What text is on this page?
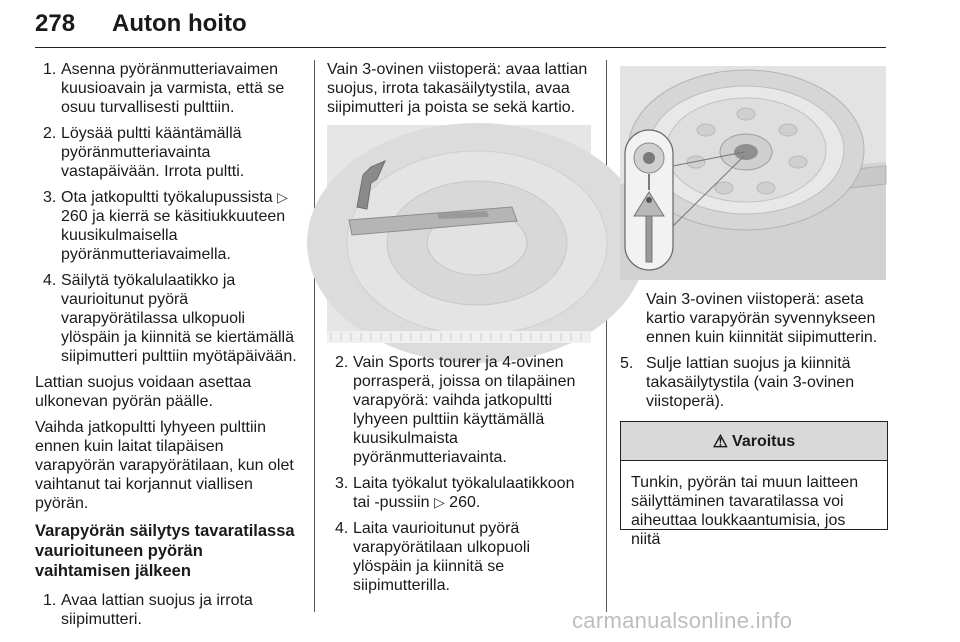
278 Auton hoito
1. Asenna pyöränmutteriavaimen kuusioavain ja varmista, että se osuu turvallisesti pulttiin.
2. Löysää pultti kääntämällä pyöränmutteriavainta vastapäivään. Irrota pultti.
3. Ota jatkopultti työkalupussista ▷ 260 ja kierrä se käsitiukkuuteen kuusikulmaisella pyöränmutteriavaimella.
4. Säilytä työkalulaatikko ja vaurioitunut pyörä varapyörätilassa ulkopuoli ylöspäin ja kiinnitä se kiertämällä siipimutteri pulttiin myötäpäivään.

Lattian suojus voidaan asettaa ulkonevan pyörän päälle.

Vaihda jatkopultti lyhyeen pulttiin ennen kuin laitat tilapäisen varapyörän varapyörätilaan, kun olet vaihtanut tai korjannut viallisen pyörän.

Varapyörän säilytys tavaratilassa vaurioituneen pyörän vaihtamisen jälkeen
1. Avaa lattian suojus ja irrota siipimutteri.

Vain 3-ovinen viistoperä: avaa lattian suojus, irrota takasäilytystila, avaa siipimutteri ja poista se sekä kartio.

2. Vain Sports tourer ja 4-ovinen porrasperä, joissa on tilapäinen varapyörä: vaihda jatkopultti lyhyeen pulttiin käyttämällä kuusikulmaista pyöränmutteriavainta.
3. Laita työkalut työkalulaatikkoon tai -pussiin ▷ 260.
4. Laita vaurioitunut pyörä varapyörätilaan ulkopuoli ylöspäin ja kiinnitä se siipimutterilla.
Vain 3-ovinen viistoperä: aseta kartio varapyörän syvennykseen ennen kuin kiinnität siipimutterin.
5. Sulje lattian suojus ja kiinnitä takasäilytystila (vain 3-ovinen viistoperä).
⚠ Varoitus
Tunkin, pyörän tai muun laitteen säilyttäminen tavaratilassa voi aiheuttaa loukkaantumisia, jos niitä
carmanualsonline.info
